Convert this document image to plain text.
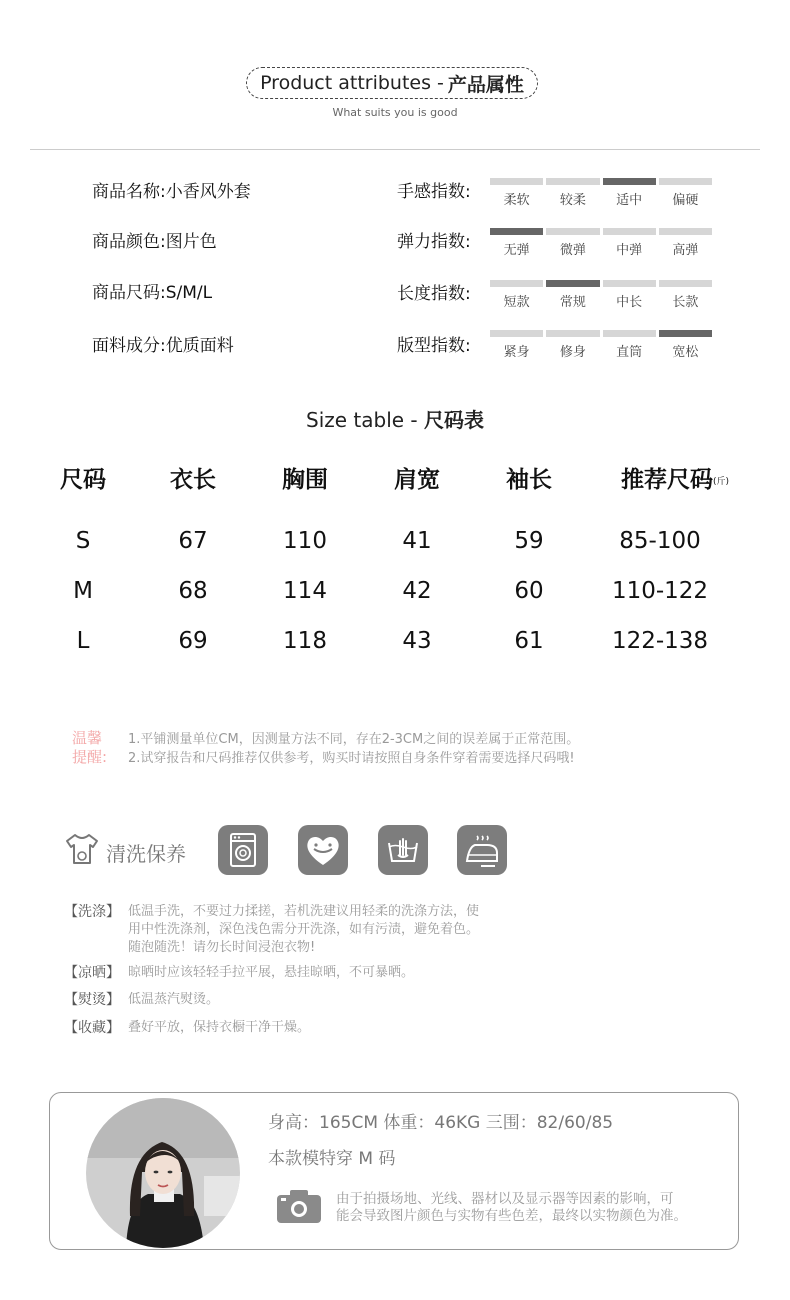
Product attributes - 产品属性
What suits you is good
商品名称:小香风外套
商品颜色:图片色
商品尺码:S/M/L
面料成分:优质面料
手感指数:	柔软	较柔	适中	偏硬
弹力指数:	无弹	微弹	中弹	高弹
长度指数:	短款	常规	中长	长款
版型指数:	紧身	修身	直筒	宽松
Size table - 尺码表
尺码	衣长	胸围	肩宽	袖长	推荐尺码(斤)
S	67	110	41	59	85-100
M	68	114	42	60	110-122
L	69	118	43	61	122-138
温馨
提醒:
1.平铺测量单位CM，因测量方法不同，存在2-3CM之间的误差属于正常范围。
2.试穿报告和尺码推荐仅供参考，购买时请按照自身条件穿着需要选择尺码哦!
清洗保养
【洗涤】 低温手洗，不要过力揉搓，若机洗建议用轻柔的洗涤方法，使
用中性洗涤剂，深色浅色需分开洗涤，如有污渍，避免着色。
随泡随洗！请勿长时间浸泡衣物!
【凉晒】 晾晒时应该轻轻手拉平展，悬挂晾晒，不可暴晒。
【熨烫】 低温蒸汽熨烫。
【收藏】 叠好平放，保持衣橱干净干燥。
身高：165CM 体重：46KG 三围：82/60/85
本款模特穿 M 码
由于拍摄场地、光线、器材以及显示器等因素的影响，可
能会导致图片颜色与实物有些色差，最终以实物颜色为准。
